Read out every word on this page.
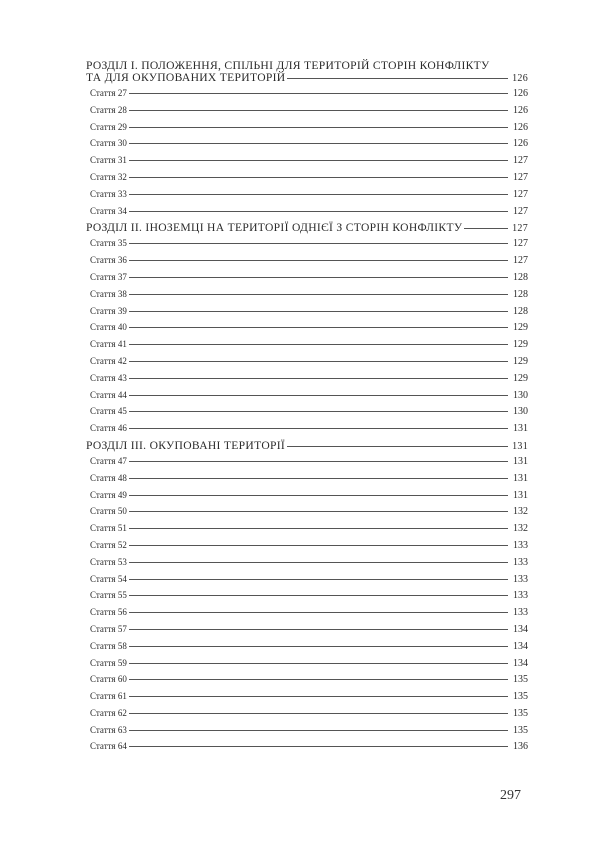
РОЗДІЛ І. ПОЛОЖЕННЯ, СПІЛЬНІ ДЛЯ ТЕРИТОРІЙ СТОРІН КОНФЛІКТУ
ТА ДЛЯ ОКУПОВАНИХ ТЕРИТОРІЙ	126
Стаття 27	126
Стаття 28	126
Стаття 29	126
Стаття 30	126
Стаття 31	127
Стаття 32	127
Стаття 33	127
Стаття 34	127
РОЗДІЛ ІІ. ІНОЗЕМЦІ НА ТЕРИТОРІЇ ОДНІЄЇ З СТОРІН КОНФЛІКТУ	127
Стаття 35	127
Стаття 36	127
Стаття 37	128
Стаття 38	128
Стаття 39	128
Стаття 40	129
Стаття 41	129
Стаття 42	129
Стаття 43	129
Стаття 44	130
Стаття 45	130
Стаття 46	131
РОЗДІЛ ІІІ. ОКУПОВАНІ ТЕРИТОРІЇ	131
Стаття 47	131
Стаття 48	131
Стаття 49	131
Стаття 50	132
Стаття 51	132
Стаття 52	133
Стаття 53	133
Стаття 54	133
Стаття 55	133
Стаття 56	133
Стаття 57	134
Стаття 58	134
Стаття 59	134
Стаття 60	135
Стаття 61	135
Стаття 62	135
Стаття 63	135
Стаття 64	136
297
